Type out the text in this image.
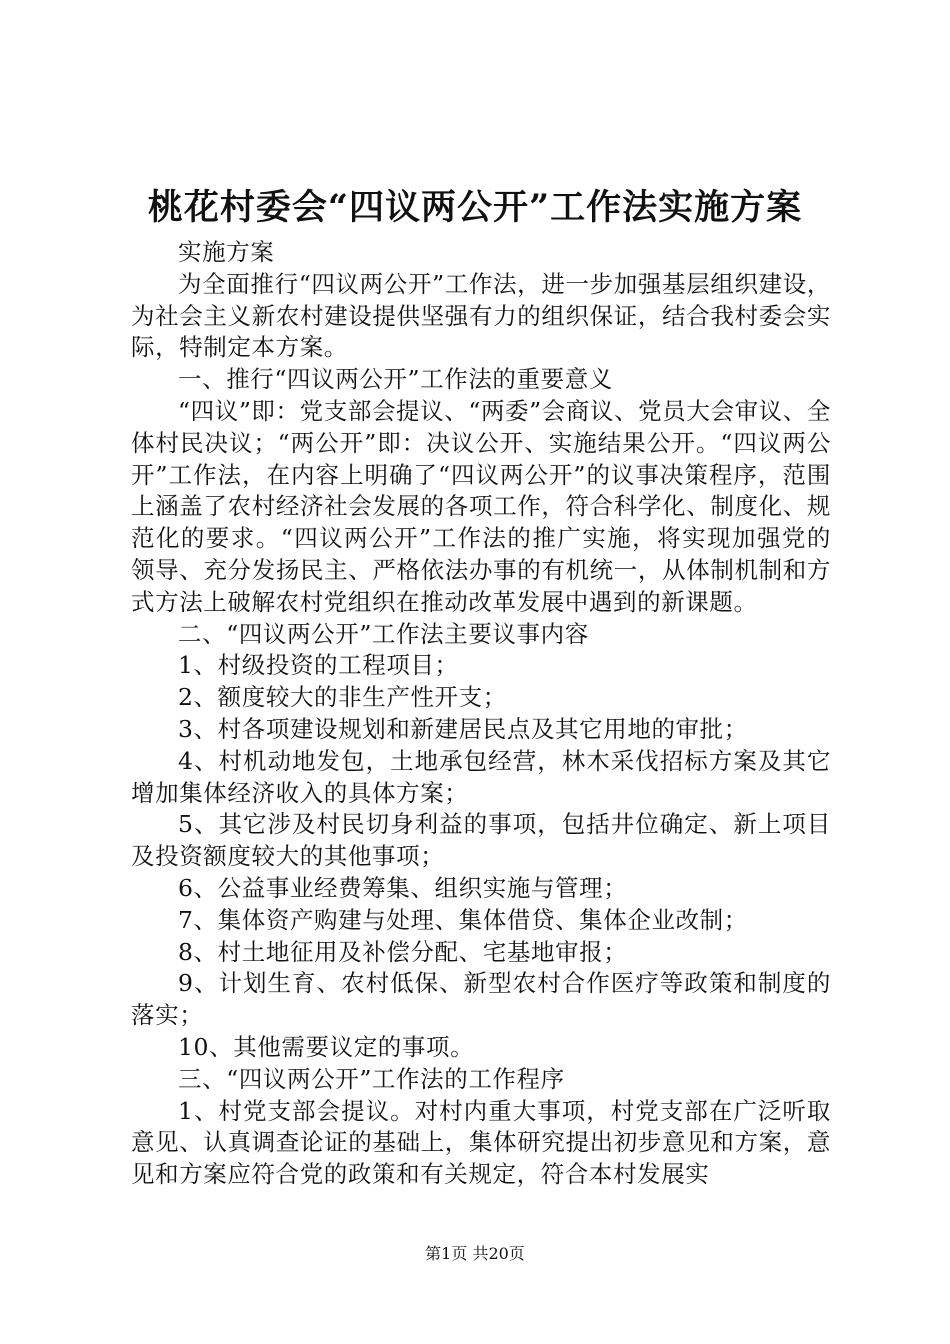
桃花村委会“四议两公开”工作法实施方案

实施方案

为全面推行“四议两公开”工作法，进一步加强基层组织建设，为社会主义新农村建设提供坚强有力的组织保证，结合我村委会实际，特制定本方案。

一、推行“四议两公开”工作法的重要意义

“四议”即：党支部会提议、“两委”会商议、党员大会审议、全体村民决议；“两公开”即：决议公开、实施结果公开。“四议两公开”工作法，在内容上明确了“四议两公开”的议事决策程序，范围上涵盖了农村经济社会发展的各项工作，符合科学化、制度化、规范化的要求。“四议两公开”工作法的推广实施，将实现加强党的领导、充分发扬民主、严格依法办事的有机统一，从体制机制和方式方法上破解农村党组织在推动改革发展中遇到的新课题。

二、“四议两公开”工作法主要议事内容

1、村级投资的工程项目；

2、额度较大的非生产性开支；

3、村各项建设规划和新建居民点及其它用地的审批；

4、村机动地发包，土地承包经营，林木采伐招标方案及其它增加集体经济收入的具体方案；

5、其它涉及村民切身利益的事项，包括井位确定、新上项目及投资额度较大的其他事项；

6、公益事业经费筹集、组织实施与管理；

7、集体资产购建与处理、集体借贷、集体企业改制；

8、村土地征用及补偿分配、宅基地审报；

9、计划生育、农村低保、新型农村合作医疗等政策和制度的落实；

10、其他需要议定的事项。

三、“四议两公开”工作法的工作程序

1、村党支部会提议。对村内重大事项，村党支部在广泛听取意见、认真调查论证的基础上，集体研究提出初步意见和方案，意见和方案应符合党的政策和有关规定，符合本村发展实

第1页 共20页
